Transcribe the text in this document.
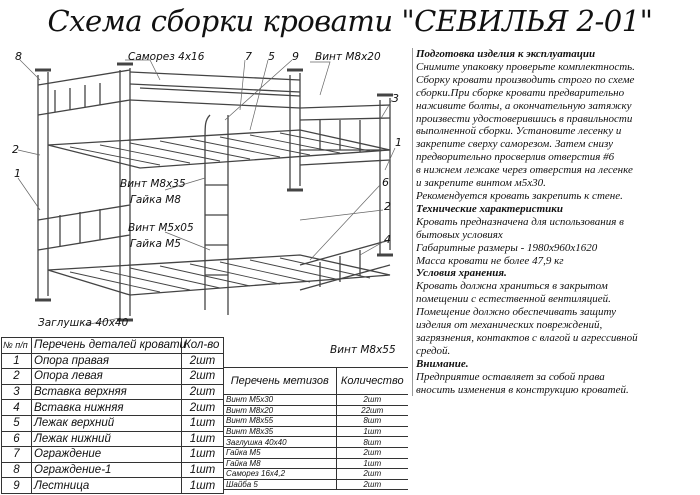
Схема сборки кровати "СЕВИЛЬЯ 2-01"
8	Саморез 4x16	7 5 9 Винт M8x20
3
1
2
1
Винт M8x35
Гайка M8
6
2
Винт M5x05
Гайка M5	4
Заглушка 40x40
Винт M8x55

Подготовка изделия к эксплуатации

Снимите упаковку проверьте комплектность.

Сборку кровати производить строго по схеме

сборки.При сборке кровати предварительно

наживите болты, а окончательную затяжку

произвести удостоверившись в правильности

выполненной сборки. Установите лесенку и

закрепите сверху саморезом. Затем снизу

предворительно просверлив отверстия #6

в нижнем лежаке через отверстия на лесенке

и закрепите винтом м5х30.

Рекомендуется кровать закрепить к стене.

Технические характеристики

Кровать предназначена для использования в

бытовых условиях

Габаритные размеры - 1980х960х1620

Масса кровати не более 47,9 кг

Условия хранения.

Кровать должна храниться в закрытом

помещении с естественной вентиляцией.

Помещение должно обеспечивать защиту

изделия от механических повреждений,

загрязнения, контактов с влагой и агрессивной

средой.

Внимание.

Предприятие оставляет за собой права

вносить изменения в конструкцию кроватей.

№ п/п	Перечень деталей кровати	Кол-во
1	Опора правая	2шт
2	Опора левая	2шт
3	Вставка верхняя	2шт
4	Вставка нижняя	2шт
5	Лежак верхний	1шт
6	Лежак нижний	1шт
7	Ограждение	1шт
8	Ограждение-1	1шт
9	Лестница	1шт
Перечень метизов	Количество
Винт M5x30	2шт
Винт M8x20	22шт
Винт M8x55	8шт
Винт M8x35	1шт
Заглушка 40x40	8шт
Гайка M5	2шт
Гайка M8	1шт
Саморез 16x4,2	2шт
Шайба 5	2шт
